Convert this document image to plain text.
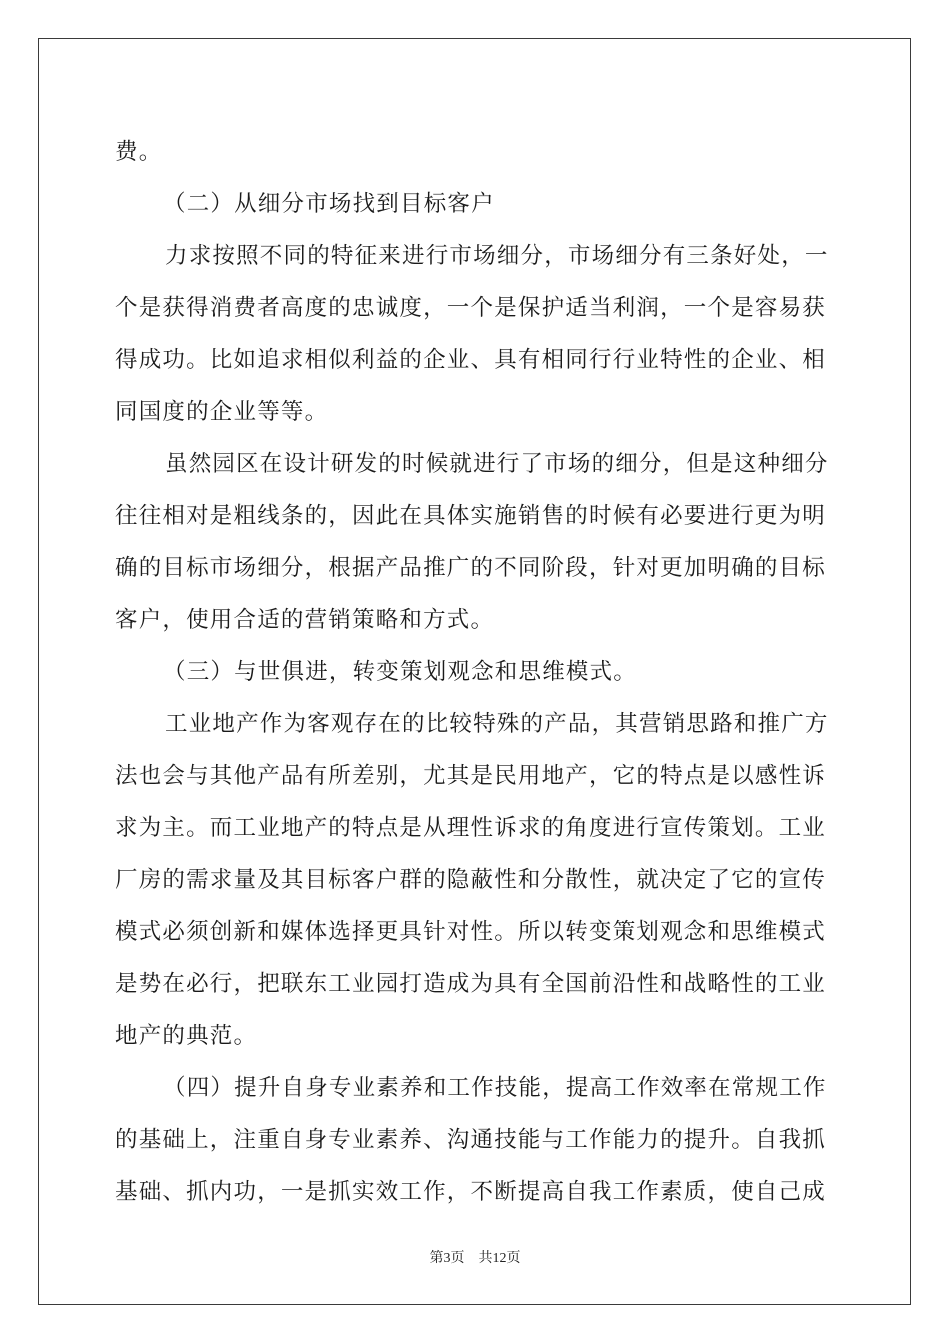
费。
（二）从细分市场找到目标客户
力求按照不同的特征来进行市场细分，市场细分有三条好处，一
个是获得消费者高度的忠诚度，一个是保护适当利润，一个是容易获
得成功。比如追求相似利益的企业、具有相同行行业特性的企业、相
同国度的企业等等。
虽然园区在设计研发的时候就进行了市场的细分，但是这种细分
往往相对是粗线条的，因此在具体实施销售的时候有必要进行更为明
确的目标市场细分，根据产品推广的不同阶段，针对更加明确的目标
客户，使用合适的营销策略和方式。
（三）与世俱进，转变策划观念和思维模式。
工业地产作为客观存在的比较特殊的产品，其营销思路和推广方
法也会与其他产品有所差别，尤其是民用地产，它的特点是以感性诉
求为主。而工业地产的特点是从理性诉求的角度进行宣传策划。工业
厂房的需求量及其目标客户群的隐蔽性和分散性，就决定了它的宣传
模式必须创新和媒体选择更具针对性。所以转变策划观念和思维模式
是势在必行，把联东工业园打造成为具有全国前沿性和战略性的工业
地产的典范。
（四）提升自身专业素养和工作技能，提高工作效率在常规工作
的基础上，注重自身专业素养、沟通技能与工作能力的提升。自我抓
基础、抓内功，一是抓实效工作，不断提高自我工作素质，使自己成
第3页 共12页
